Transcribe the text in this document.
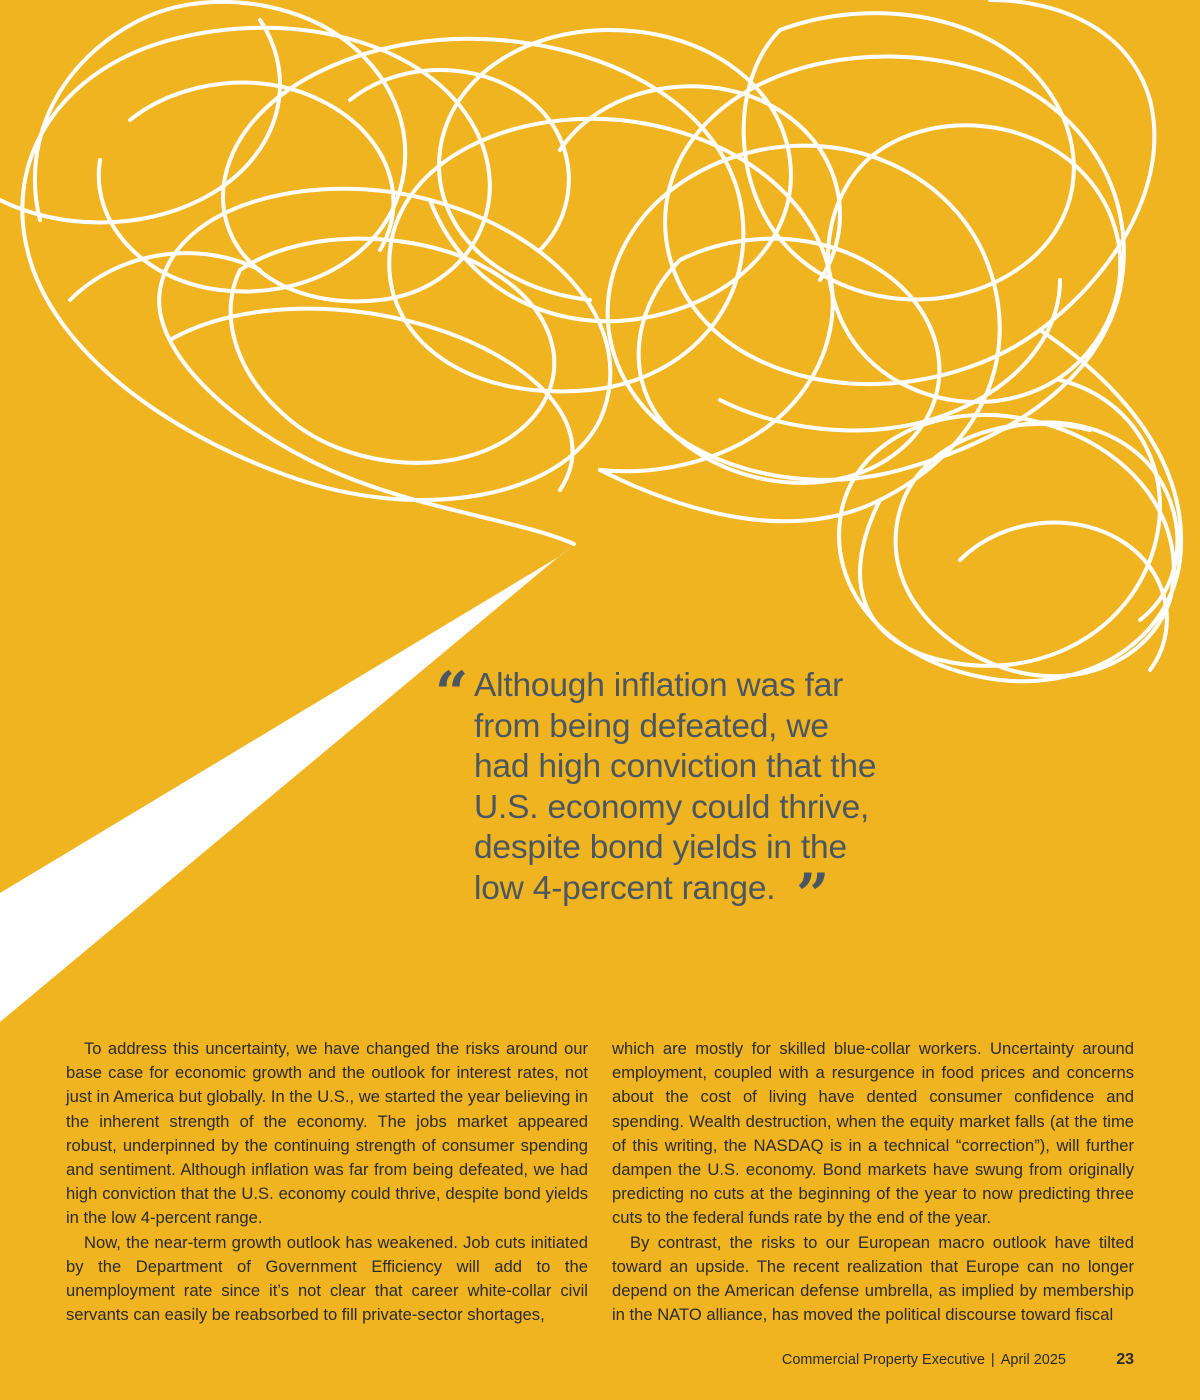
“ Although inflation was far
from being defeated, we
had high conviction that the
U.S. economy could thrive,
despite bond yields in the
low 4-percent range. ”

To address this uncertainty, we have changed the risks around our base case for economic growth and the outlook for interest rates, not just in America but globally. In the U.S., we started the year believing in the inherent strength of the economy. The jobs market appeared robust, underpinned by the continuing strength of consumer spending and sentiment. Although inflation was far from being defeated, we had high conviction that the U.S. economy could thrive, despite bond yields in the low 4-percent range.

Now, the near-term growth outlook has weakened. Job cuts initiated by the Department of Government Efficiency will add to the unemployment rate since it’s not clear that career white-collar civil servants can easily be reabsorbed to fill private-sector shortages,

which are mostly for skilled blue-collar workers. Uncertainty around employment, coupled with a resurgence in food prices and concerns about the cost of living have dented consumer confidence and spending. Wealth destruction, when the equity market falls (at the time of this writing, the NASDAQ is in a technical “correction”), will further dampen the U.S. economy. Bond markets have swung from originally predicting no cuts at the beginning of the year to now predicting three cuts to the federal funds rate by the end of the year.

By contrast, the risks to our European macro outlook have tilted toward an upside. The recent realization that Europe can no longer depend on the American defense umbrella, as implied by membership in the NATO alliance, has moved the political discourse toward fiscal

Commercial Property Executive | April 2025	23
